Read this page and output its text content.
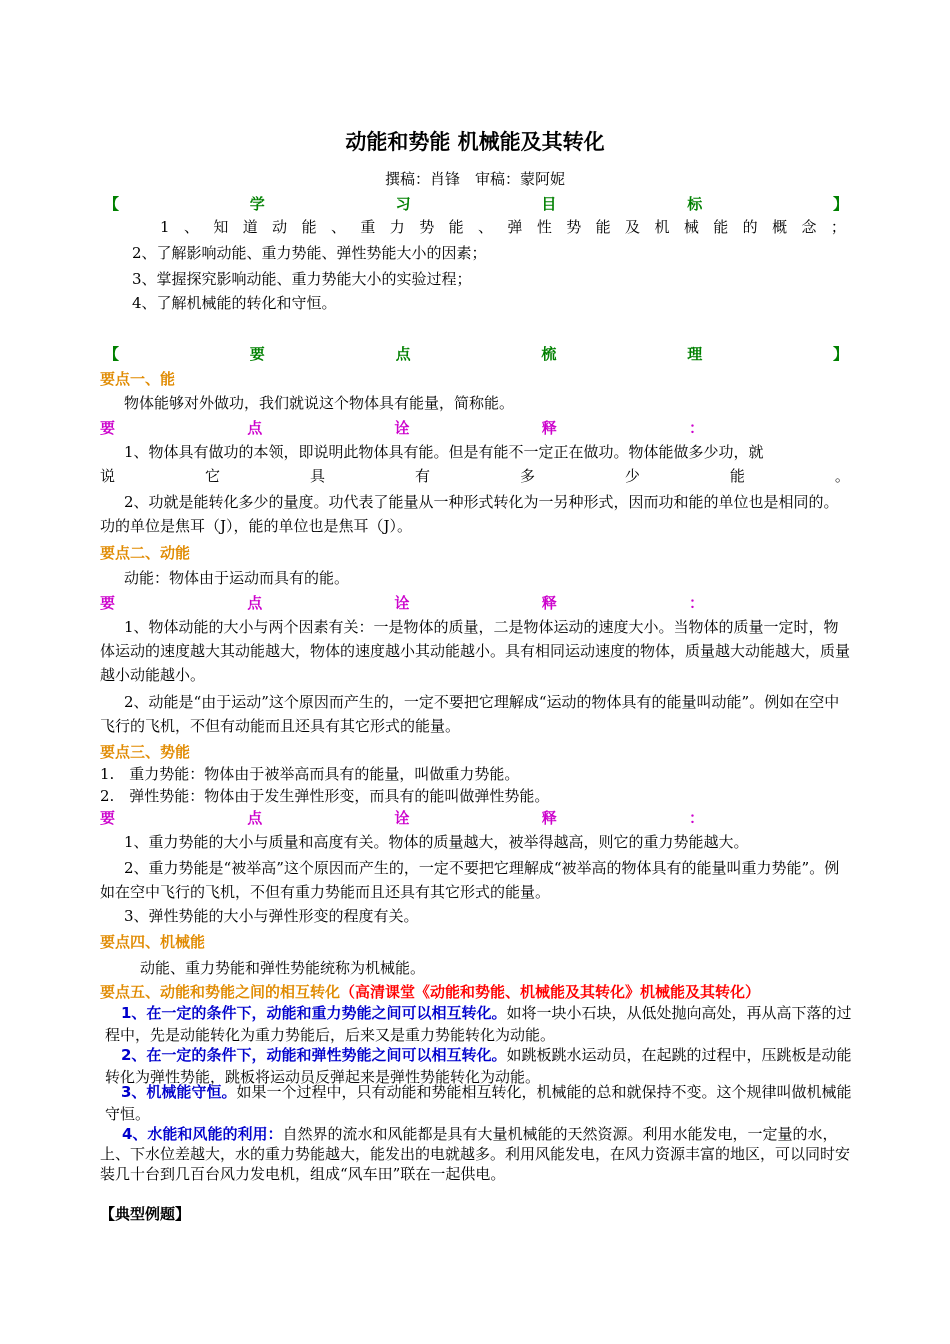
动能和势能 机械能及其转化
撰稿：肖锋　审稿：蒙阿妮
【	学	习	目	标	】
1 、 知 道 动 能 、 重 力 势 能 、 弹 性 势 能 及 机 械 能 的 概 念 ；
2、了解影响动能、重力势能、弹性势能大小的因素；
3、掌握探究影响动能、重力势能大小的实验过程；
4、了解机械能的转化和守恒。
【	要	点	梳	理	】
要点一、能
物体能够对外做功，我们就说这个物体具有能量，简称能。
要	点	诠	释	：
1、物体具有做功的本领，即说明此物体具有能。但是有能不一定正在做功。物体能做多少功，就
说	它	具	有	多	少	能	。
2、功就是能转化多少的量度。功代表了能量从一种形式转化为一另种形式，因而功和能的单位也是相同的。功的单位是焦耳（J），能的单位也是焦耳（J）。
要点二、动能
动能：物体由于运动而具有的能。
要	点	诠	释	：
1、物体动能的大小与两个因素有关：一是物体的质量，二是物体运动的速度大小。当物体的质量一定时，物体运动的速度越大其动能越大，物体的速度越小其动能越小。具有相同运动速度的物体，质量越大动能越大，质量越小动能越小。
2、动能是“由于运动”这个原因而产生的，一定不要把它理解成“运动的物体具有的能量叫动能”。例如在空中飞行的飞机，不但有动能而且还具有其它形式的能量。
要点三、势能
1.　重力势能：物体由于被举高而具有的能量，叫做重力势能。
2.　弹性势能：物体由于发生弹性形变，而具有的能叫做弹性势能。
要	点	诠	释	：
1、重力势能的大小与质量和高度有关。物体的质量越大，被举得越高，则它的重力势能越大。
2、重力势能是“被举高”这个原因而产生的，一定不要把它理解成“被举高的物体具有的能量叫重力势能”。例如在空中飞行的飞机，不但有重力势能而且还具有其它形式的能量。
3、弹性势能的大小与弹性形变的程度有关。
要点四、机械能
动能、重力势能和弹性势能统称为机械能。
要点五、动能和势能之间的相互转化（高清课堂《动能和势能、机械能及其转化》机械能及其转化）
1、在一定的条件下，动能和重力势能之间可以相互转化。如将一块小石块，从低处抛向高处，再从高下落的过程中，先是动能转化为重力势能后，后来又是重力势能转化为动能。
2、在一定的条件下，动能和弹性势能之间可以相互转化。如跳板跳水运动员，在起跳的过程中，压跳板是动能转化为弹性势能，跳板将运动员反弹起来是弹性势能转化为动能。
3、机械能守恒。如果一个过程中，只有动能和势能相互转化，机械能的总和就保持不变。这个规律叫做机械能守恒。
4、水能和风能的利用：自然界的流水和风能都是具有大量机械能的天然资源。利用水能发电，一定量的水，上、下水位差越大，水的重力势能越大，能发出的电就越多。利用风能发电，在风力资源丰富的地区，可以同时安装几十台到几百台风力发电机，组成“风车田”联在一起供电。
【典型例题】
